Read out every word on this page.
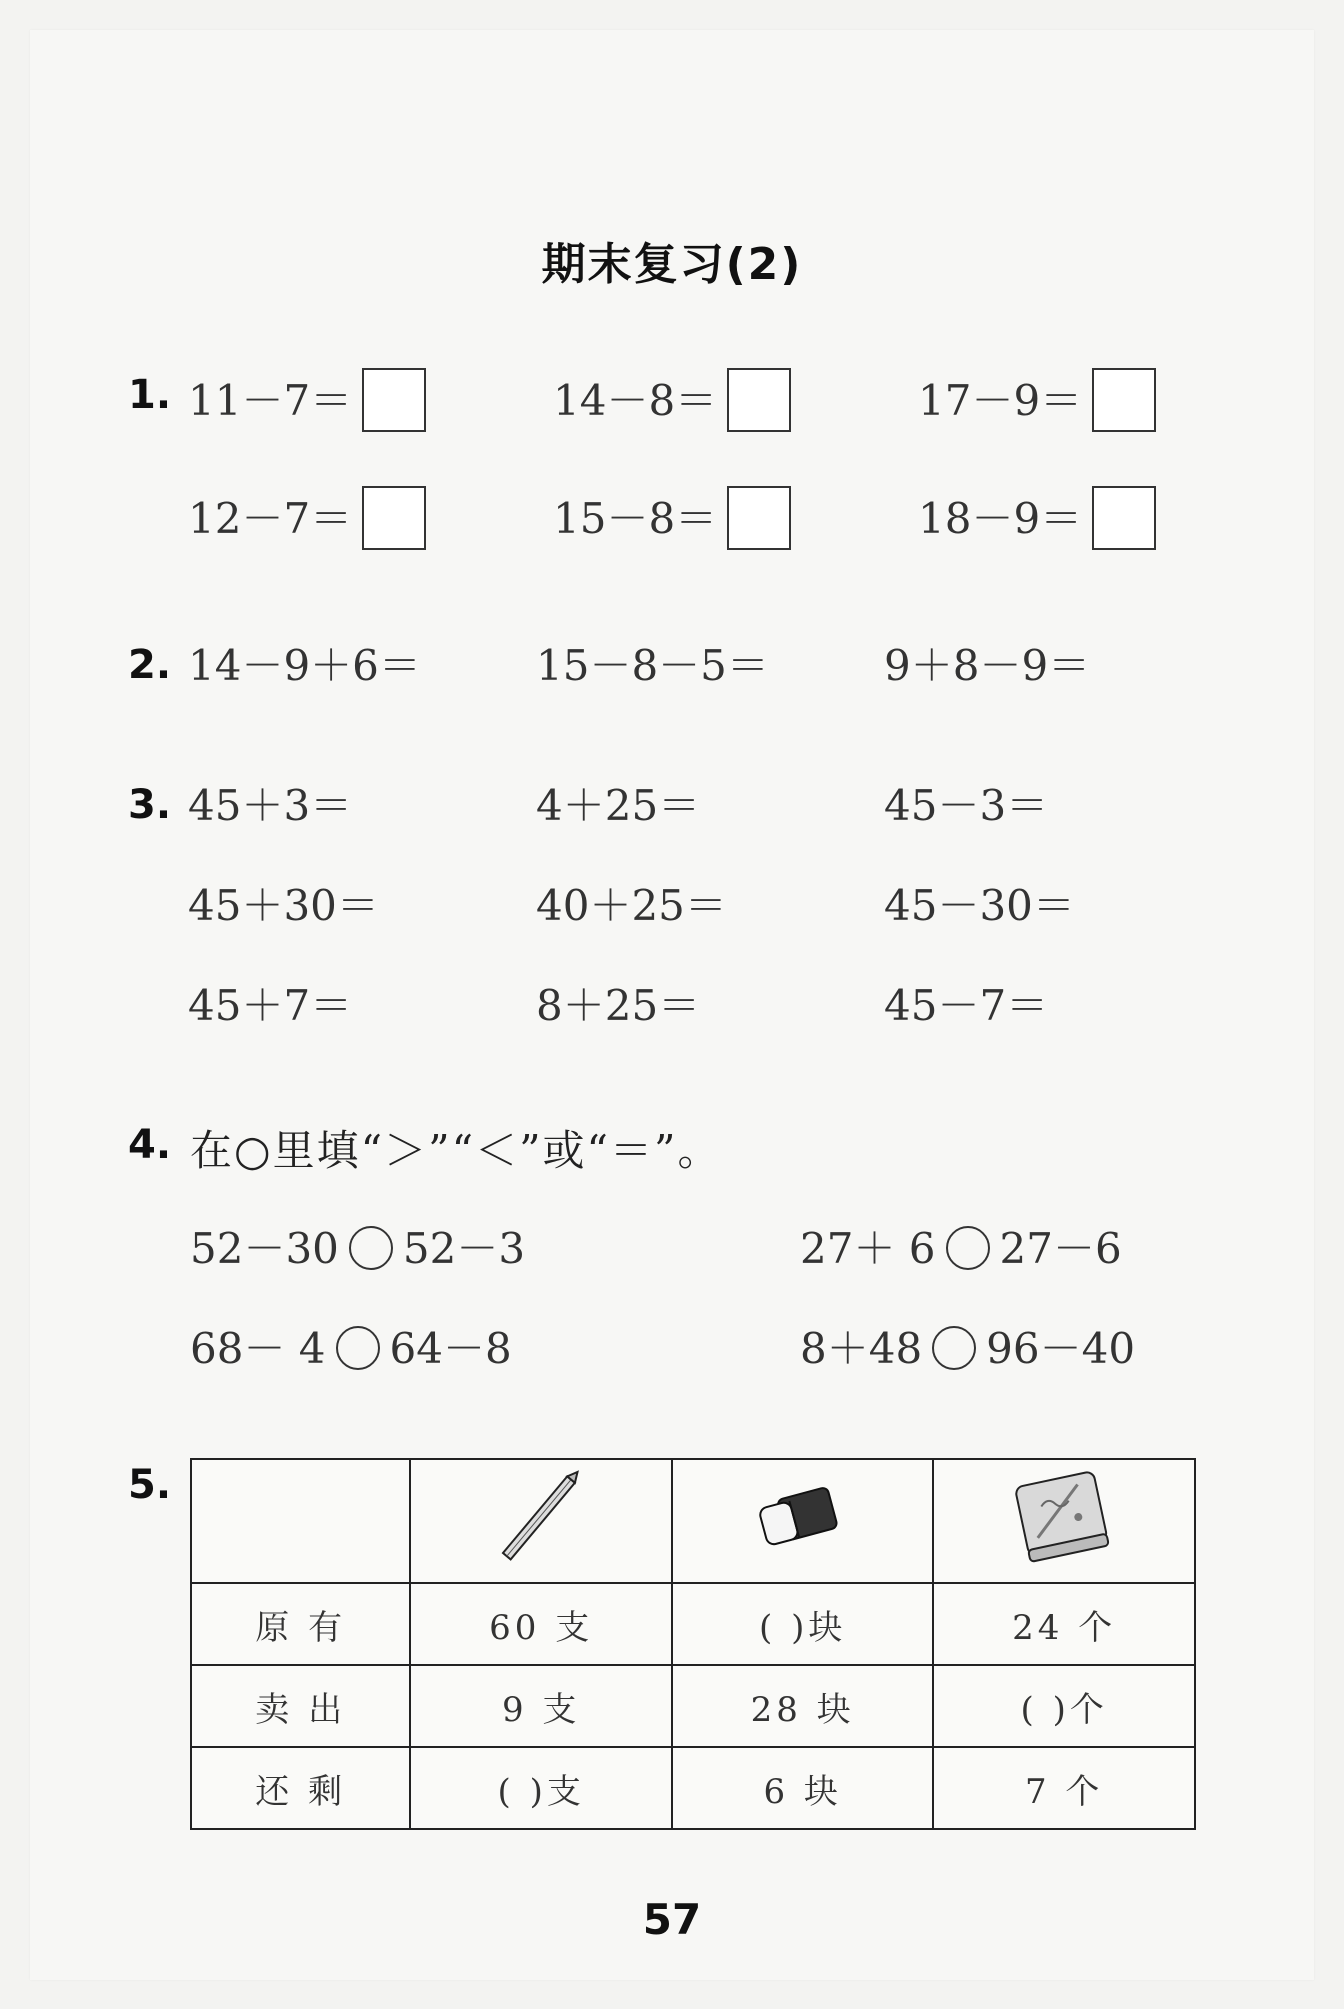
期末复习(2)
1. 11－7＝	14－8＝	17－9＝
12－7＝	15－8＝	18－9＝
2. 14－9＋6＝	15－8－5＝	9＋8－9＝
3. 45＋3＝	4＋25＝	45－3＝
45＋30＝	40＋25＝	45－30＝
45＋7＝	8＋25＝	45－7＝
4. 在○里填“＞”“＜”或“＝”。
52－30 52－3	27＋ 6 27－6
68－ 4 64－8	8＋48 96－40
5.

原 有	60 支	( )块	24 个
卖 出	9 支	28 块	( )个
还 剩	( )支	6 块	7 个
57
